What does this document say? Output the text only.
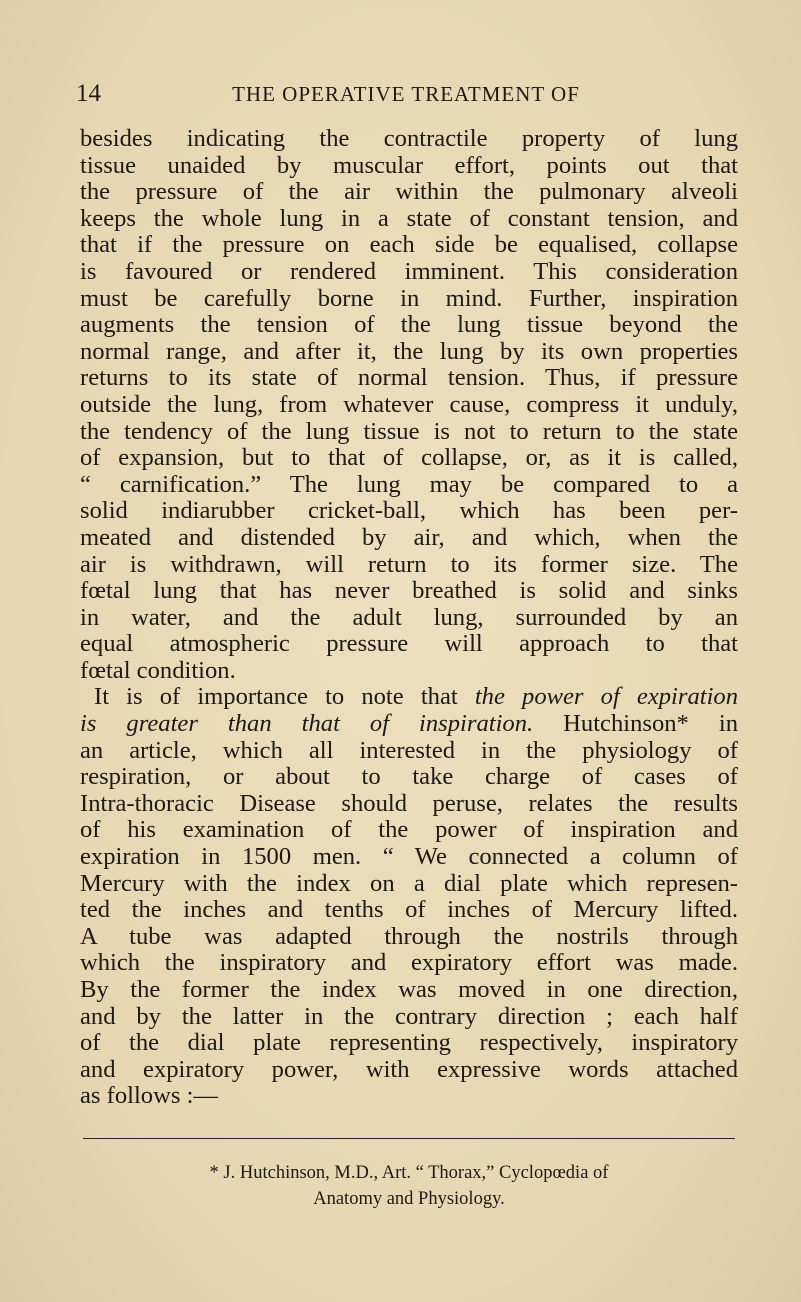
14	THE OPERATIVE TREATMENT OF
besides indicating the contractile property of lung
tissue unaided by muscular effort, points out that
the pressure of the air within the pulmonary alveoli
keeps the whole lung in a state of constant tension, and
that if the pressure on each side be equalised, collapse
is favoured or rendered imminent. This consideration
must be carefully borne in mind. Further, inspiration
augments the tension of the lung tissue beyond the
normal range, and after it, the lung by its own properties
returns to its state of normal tension. Thus, if pressure
outside the lung, from whatever cause, compress it unduly,
the tendency of the lung tissue is not to return to the state
of expansion, but to that of collapse, or, as it is called,
“ carnification.” The lung may be compared to a
solid indiarubber cricket-ball, which has been per-
meated and distended by air, and which, when the
air is withdrawn, will return to its former size. The
fœtal lung that has never breathed is solid and sinks
in water, and the adult lung, surrounded by an
equal atmospheric pressure will approach to that
fœtal condition.
It is of importance to note that the power of expiration
is greater than that of inspiration. Hutchinson* in
an article, which all interested in the physiology of
respiration, or about to take charge of cases of
Intra-thoracic Disease should peruse, relates the results
of his examination of the power of inspiration and
expiration in 1500 men. “ We connected a column of
Mercury with the index on a dial plate which represen-
ted the inches and tenths of inches of Mercury lifted.
A tube was adapted through the nostrils through
which the inspiratory and expiratory effort was made.
By the former the index was moved in one direction,
and by the latter in the contrary direction ; each half
of the dial plate representing respectively, inspiratory
and expiratory power, with expressive words attached
as follows :—
* J. Hutchinson, M.D., Art. “ Thorax,” Cyclopœdia of
Anatomy and Physiology.
